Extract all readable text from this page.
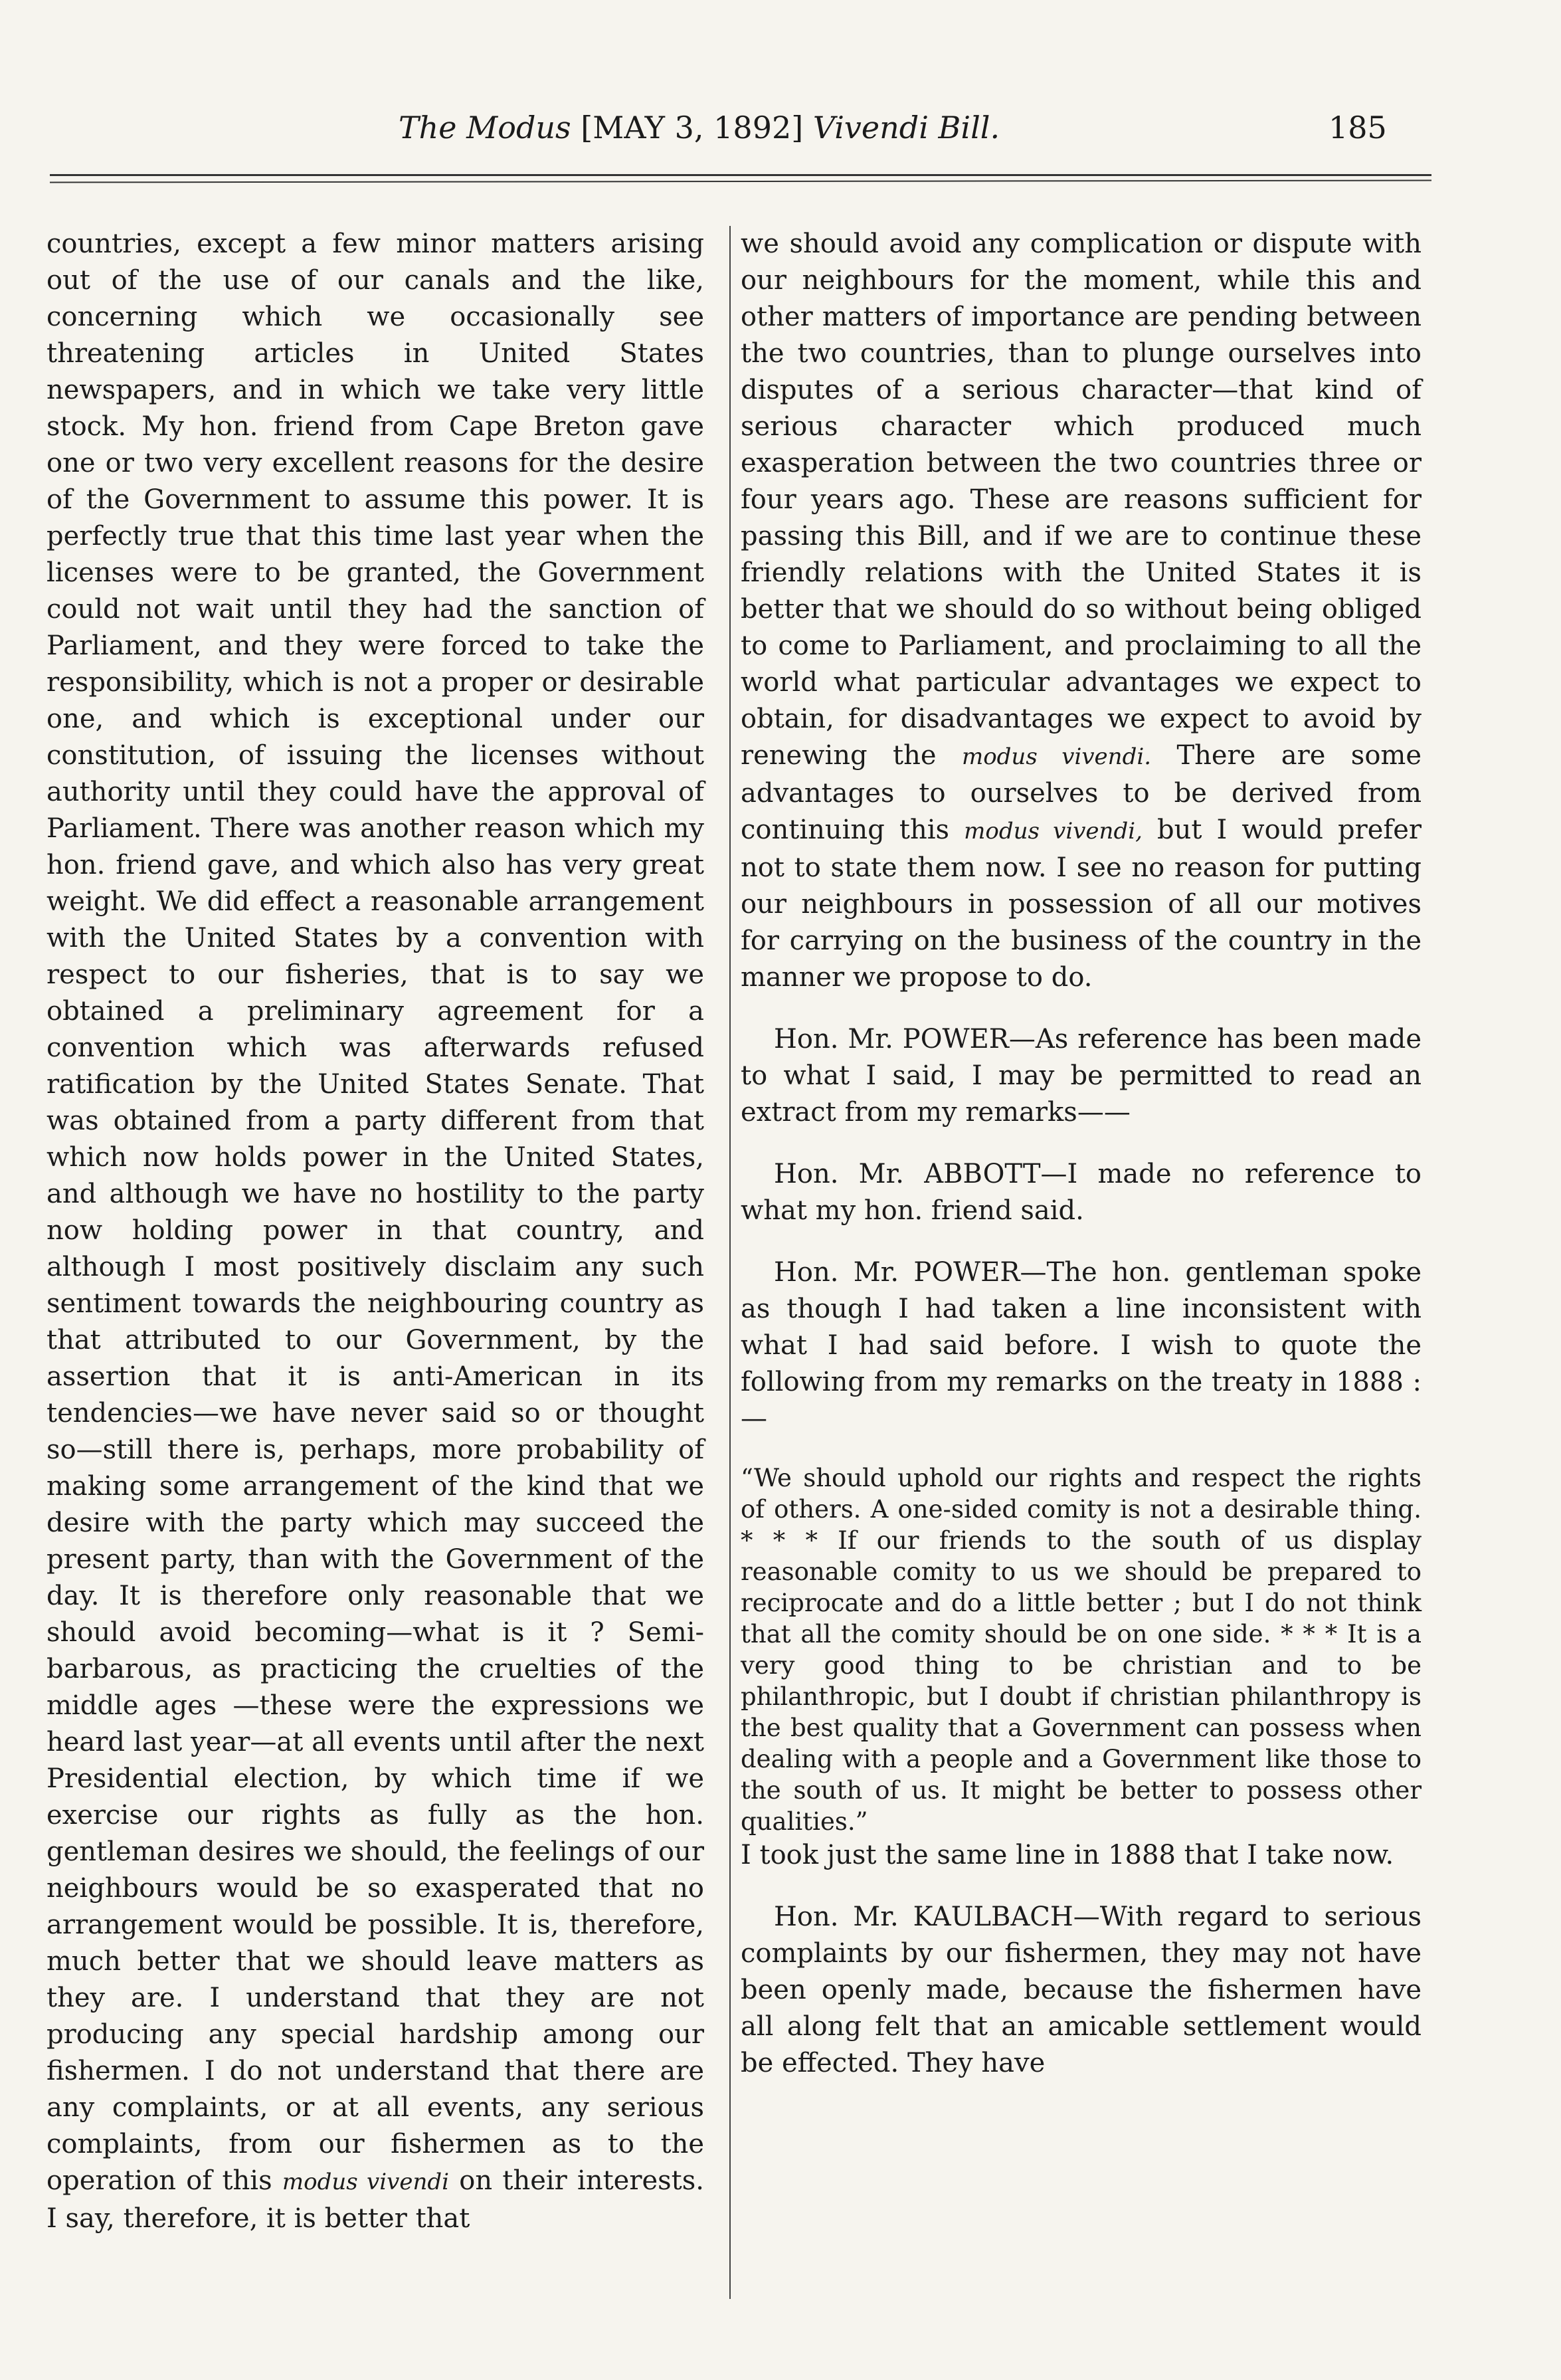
The Modus [MAY 3, 1892] Vivendi Bill.	185

countries, except a few minor matters arising out of the use of our canals and the like, concerning which we occasionally see threatening articles in United States newspapers, and in which we take very little stock. My hon. friend from Cape Breton gave one or two very excellent reasons for the desire of the Government to assume this power. It is perfectly true that this time last year when the licenses were to be granted, the Government could not wait until they had the sanction of Parliament, and they were forced to take the responsibility, which is not a proper or desirable one, and which is exceptional under our constitution, of issuing the licenses without authority until they could have the approval of Parliament. There was another reason which my hon. friend gave, and which also has very great weight. We did effect a reasonable arrangement with the United States by a convention with respect to our fisheries, that is to say we obtained a preliminary agreement for a convention which was afterwards refused ratification by the United States Senate. That was obtained from a party different from that which now holds power in the United States, and although we have no hostility to the party now holding power in that country, and although I most positively disclaim any such sentiment towards the neighbouring country as that attributed to our Government, by the assertion that it is anti-American in its tendencies—we have never said so or thought so—still there is, perhaps, more probability of making some arrangement of the kind that we desire with the party which may succeed the present party, than with the Government of the day. It is therefore only reasonable that we should avoid becoming—what is it ? Semi-barbarous, as practicing the cruelties of the middle ages —these were the expressions we heard last year—at all events until after the next Presidential election, by which time if we exercise our rights as fully as the hon. gentleman desires we should, the feelings of our neighbours would be so exasperated that no arrangement would be possible. It is, therefore, much better that we should leave matters as they are. I understand that they are not producing any special hardship among our fishermen. I do not understand that there are any complaints, or at all events, any serious complaints, from our fishermen as to the operation of this modus vivendi on their interests. I say, therefore, it is better that

we should avoid any complication or dispute with our neighbours for the moment, while this and other matters of importance are pending between the two countries, than to plunge ourselves into disputes of a serious character—that kind of serious character which produced much exasperation between the two countries three or four years ago. These are reasons sufficient for passing this Bill, and if we are to continue these friendly relations with the United States it is better that we should do so without being obliged to come to Parliament, and proclaiming to all the world what particular advantages we expect to obtain, for disadvantages we expect to avoid by renewing the modus vivendi. There are some advantages to ourselves to be derived from continuing this modus vivendi, but I would prefer not to state them now. I see no reason for putting our neighbours in possession of all our motives for carrying on the business of the country in the manner we propose to do.

Hon. Mr. POWER—As reference has been made to what I said, I may be permitted to read an extract from my remarks——

Hon. Mr. ABBOTT—I made no reference to what my hon. friend said.

Hon. Mr. POWER—The hon. gentleman spoke as though I had taken a line inconsistent with what I had said before. I wish to quote the following from my remarks on the treaty in 1888 :—

“We should uphold our rights and respect the rights of others. A one-sided comity is not a desirable thing. * * * If our friends to the south of us display reasonable comity to us we should be prepared to reciprocate and do a little better ; but I do not think that all the comity should be on one side. * * * It is a very good thing to be christian and to be philanthropic, but I doubt if christian philanthropy is the best quality that a Government can possess when dealing with a people and a Government like those to the south of us. It might be better to possess other qualities.”

I took just the same line in 1888 that I take now.

Hon. Mr. KAULBACH—With regard to serious complaints by our fishermen, they may not have been openly made, because the fishermen have all along felt that an amicable settlement would be effected. They have
